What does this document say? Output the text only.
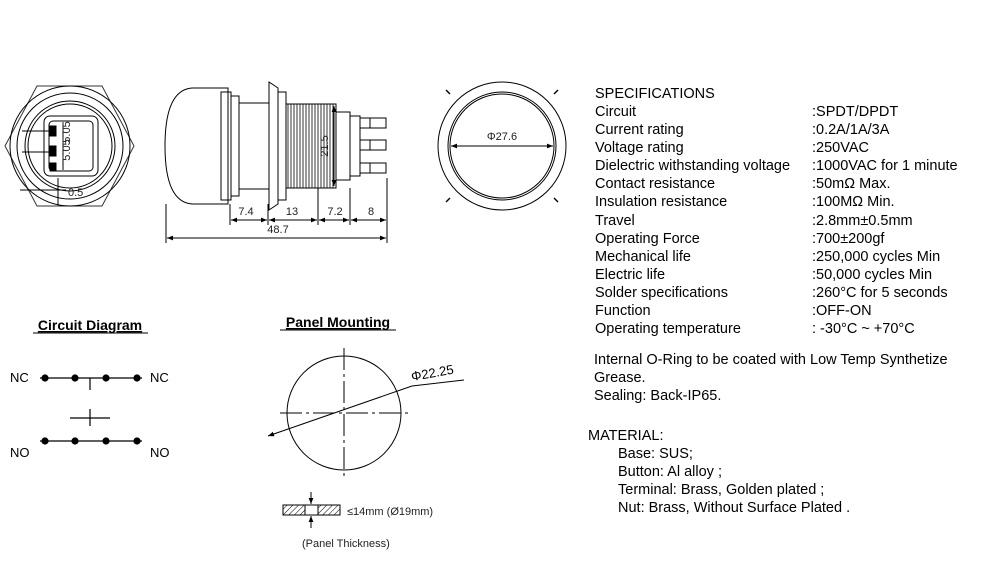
5.05
5.05
0.5
21.5
7.4	13	7.2 8
48.7
Φ27.6
Circuit Diagram
NC	NC
NO	NO
Panel Mounting
Φ22.25
≤14mm (Ø19mm)
(Panel Thickness)
SPECIFICATIONS
Circuit	:SPDT/DPDT
Current rating	:0.2A/1A/3A
Voltage rating	:250VAC
Dielectric withstanding voltage	:1000VAC for 1 minute
Contact resistance	:50mΩ Max.
Insulation resistance	:100MΩ Min.
Travel	:2.8mm±0.5mm
Operating Force	:700±200gf
Mechanical life	:250,000 cycles Min
Electric life	:50,000 cycles Min
Solder specifications	:260°C for 5 seconds
Function	:OFF-ON
Operating temperature	: -30°C ~ +70°C
Internal O-Ring to be coated with Low Temp Synthetize
Grease.
Sealing: Back-IP65.
MATERIAL:
Base: SUS;
Button: Al alloy ;
Terminal: Brass, Golden plated ;
Nut: Brass, Without Surface Plated .
